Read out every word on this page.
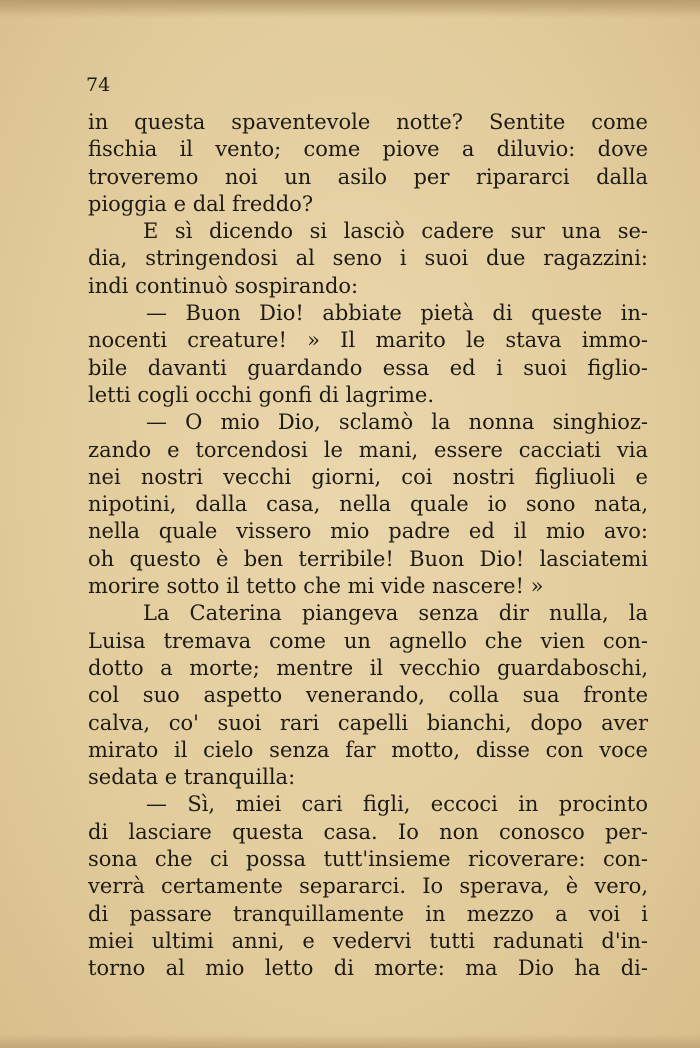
74
in questa spaventevole notte? Sentite come
fischia il vento; come piove a diluvio: dove
troveremo noi un asilo per ripararci dalla
pioggia e dal freddo?
E sì dicendo si lasciò cadere sur una se-
dia, stringendosi al seno i suoi due ragazzini:
indi continuò sospirando:
— Buon Dio! abbiate pietà di queste in-
nocenti creature! » Il marito le stava immo-
bile davanti guardando essa ed i suoi figlio-
letti cogli occhi gonfi di lagrime.
— O mio Dio, sclamò la nonna singhioz-
zando e torcendosi le mani, essere cacciati via
nei nostri vecchi giorni, coi nostri figliuoli e
nipotini, dalla casa, nella quale io sono nata,
nella quale vissero mio padre ed il mio avo:
oh questo è ben terribile! Buon Dio! lasciatemi
morire sotto il tetto che mi vide nascere! »
La Caterina piangeva senza dir nulla, la
Luisa tremava come un agnello che vien con-
dotto a morte; mentre il vecchio guardaboschi,
col suo aspetto venerando, colla sua fronte
calva, co' suoi rari capelli bianchi, dopo aver
mirato il cielo senza far motto, disse con voce
sedata e tranquilla:
— Sì, miei cari figli, eccoci in procinto
di lasciare questa casa. Io non conosco per-
sona che ci possa tutt'insieme ricoverare: con-
verrà certamente separarci. Io sperava, è vero,
di passare tranquillamente in mezzo a voi i
miei ultimi anni, e vedervi tutti radunati d'in-
torno al mio letto di morte: ma Dio ha di-
